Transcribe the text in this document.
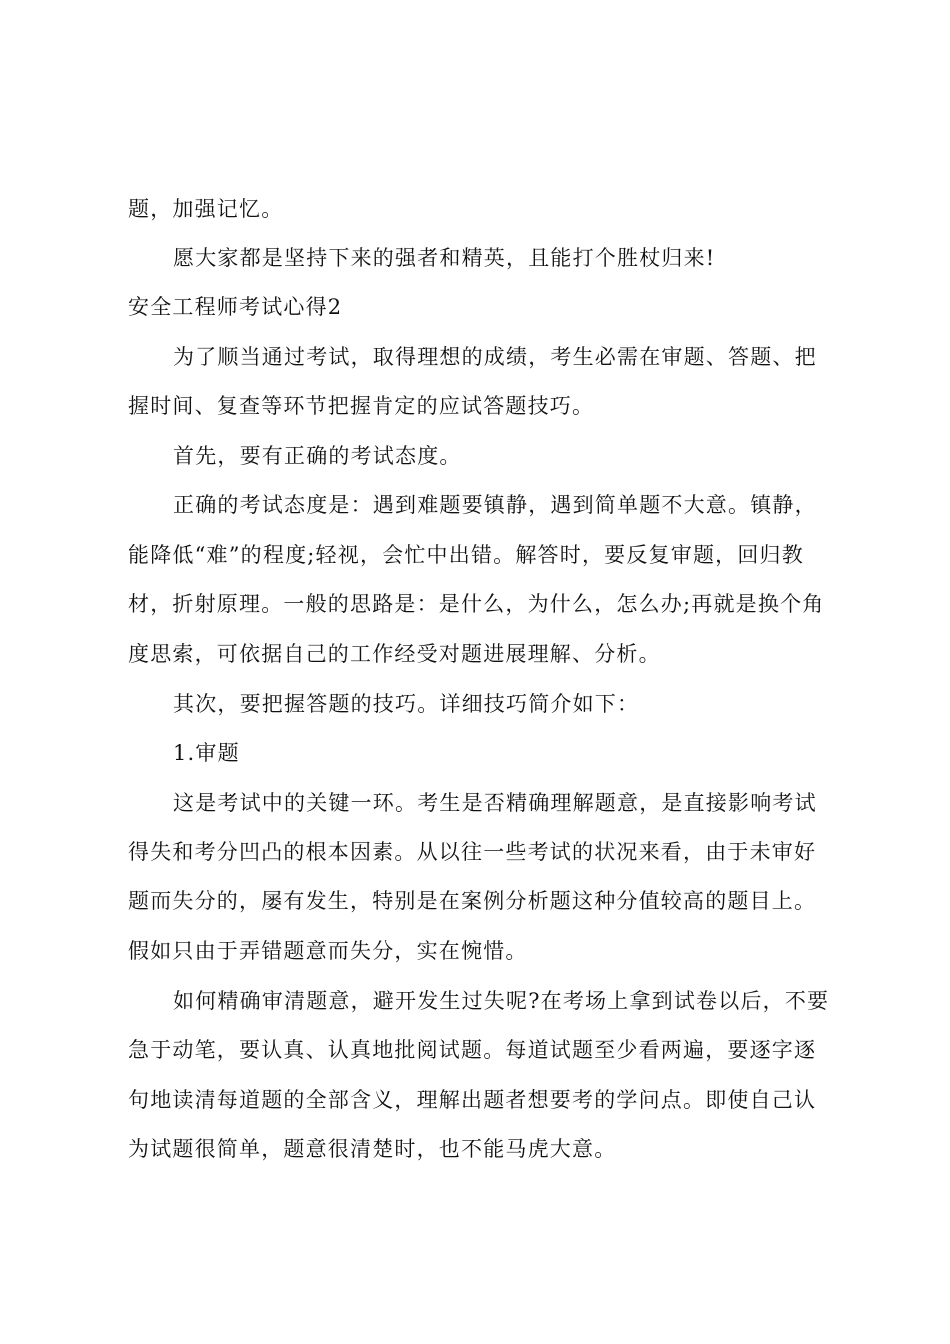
题，加强记忆。
愿大家都是坚持下来的强者和精英，且能打个胜杖归来!
安全工程师考试心得2
为了顺当通过考试，取得理想的成绩，考生必需在审题、答题、把
握时间、复查等环节把握肯定的应试答题技巧。
首先，要有正确的考试态度。
正确的考试态度是：遇到难题要镇静，遇到简单题不大意。镇静，
能降低“难”的程度;轻视，会忙中出错。解答时，要反复审题，回归教
材，折射原理。一般的思路是：是什么，为什么，怎么办;再就是换个角
度思索，可依据自己的工作经受对题进展理解、分析。
其次，要把握答题的技巧。详细技巧简介如下：
1.审题
这是考试中的关键一环。考生是否精确理解题意，是直接影响考试
得失和考分凹凸的根本因素。从以往一些考试的状况来看，由于未审好
题而失分的，屡有发生，特别是在案例分析题这种分值较高的题目上。
假如只由于弄错题意而失分，实在惋惜。
如何精确审清题意，避开发生过失呢?在考场上拿到试卷以后，不要
急于动笔，要认真、认真地批阅试题。每道试题至少看两遍，要逐字逐
句地读清每道题的全部含义，理解出题者想要考的学问点。即使自己认
为试题很简单，题意很清楚时，也不能马虎大意。
